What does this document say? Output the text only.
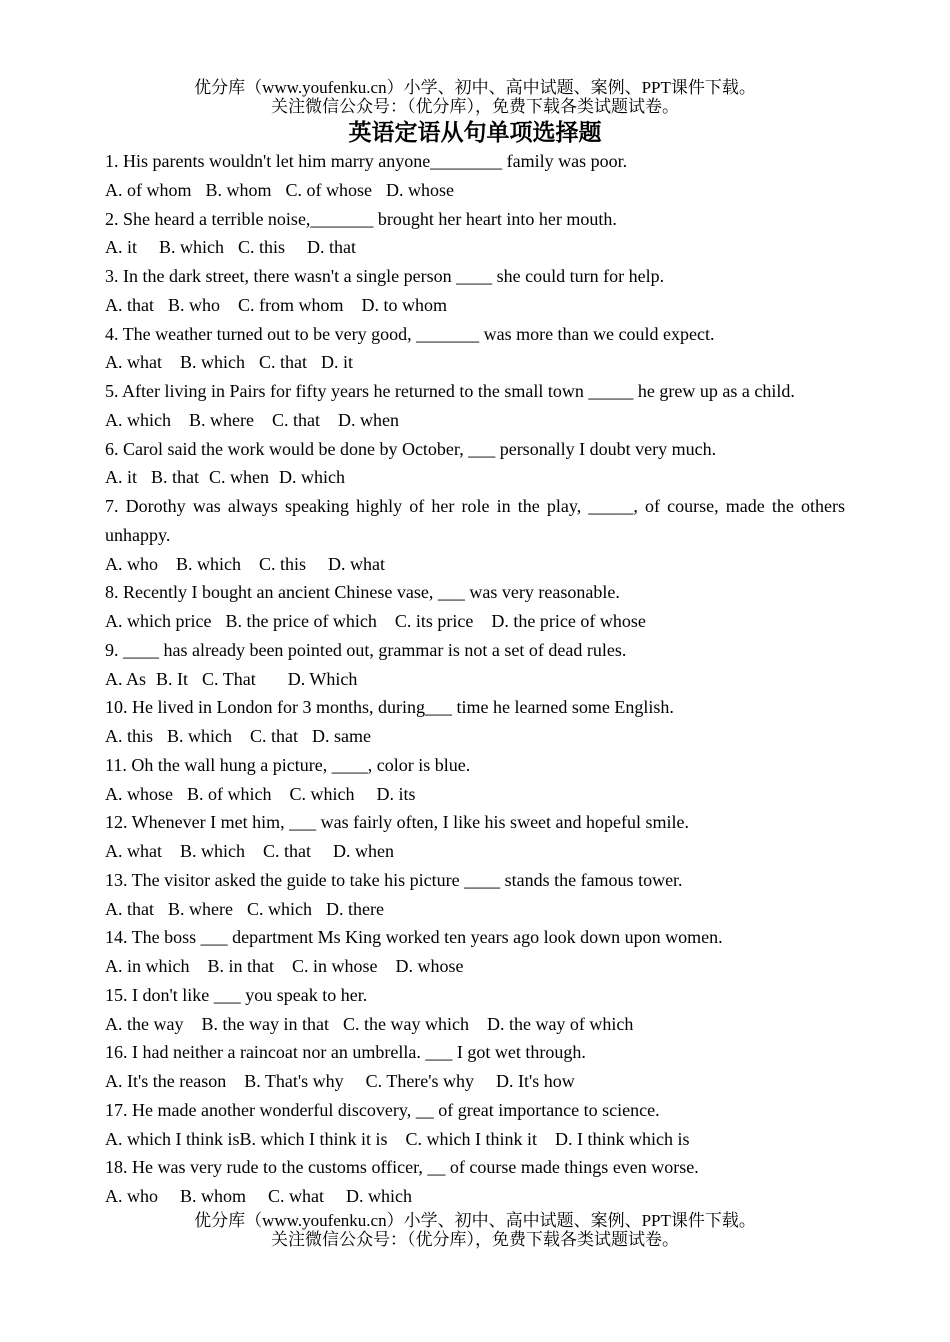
优分库（www.youfenku.cn）小学、初中、高中试题、案例、PPT课件下载。
关注微信公众号：（优分库），免费下载各类试题试卷。
英语定语从句单项选择题
1. His parents wouldn't let him marry anyone________ family was poor.
A. of whom B. whom C. of whose D. whose
2. She heard a terrible noise,_______ brought her heart into her mouth.
A. it B. which C. this D. that
3. In the dark street, there wasn't a single person ____ she could turn for help.
A. that B. who C. from whom D. to whom
4. The weather turned out to be very good, _______ was more than we could expect.
A. what B. which C. that D. it
5. After living in Pairs for fifty years he returned to the small town _____ he grew up as a child.
A. which B. where C. that D. when
6. Carol said the work would be done by October, ___ personally I doubt very much.
A. it B. that C. when D. which
7. Dorothy was always speaking highly of her role in the play, _____, of course, made the others unhappy.
A. who B. which C. this D. what
8. Recently I bought an ancient Chinese vase, ___ was very reasonable.
A. which price B. the price of which C. its price D. the price of whose
9. ____ has already been pointed out, grammar is not a set of dead rules.
A. As B. It C. That D. Which
10. He lived in London for 3 months, during___ time he learned some English.
A. this B. which C. that D. same
11. Oh the wall hung a picture, ____, color is blue.
A. whose B. of which C. which D. its
12. Whenever I met him, ___ was fairly often, I like his sweet and hopeful smile.
A. what B. which C. that D. when
13. The visitor asked the guide to take his picture ____ stands the famous tower.
A. that B. where C. which D. there
14. The boss ___ department Ms King worked ten years ago look down upon women.
A. in which B. in that C. in whose D. whose
15. I don't like ___ you speak to her.
A. the way B. the way in that C. the way which D. the way of which
16. I had neither a raincoat nor an umbrella. ___ I got wet through.
A. It's the reason B. That's why C. There's why D. It's how
17. He made another wonderful discovery, __ of great importance to science.
A. which I think isB. which I think it is C. which I think it D. I think which is
18. He was very rude to the customs officer, __ of course made things even worse.
A. who B. whom C. what D. which
优分库（www.youfenku.cn）小学、初中、高中试题、案例、PPT课件下载。
关注微信公众号：（优分库），免费下载各类试题试卷。
